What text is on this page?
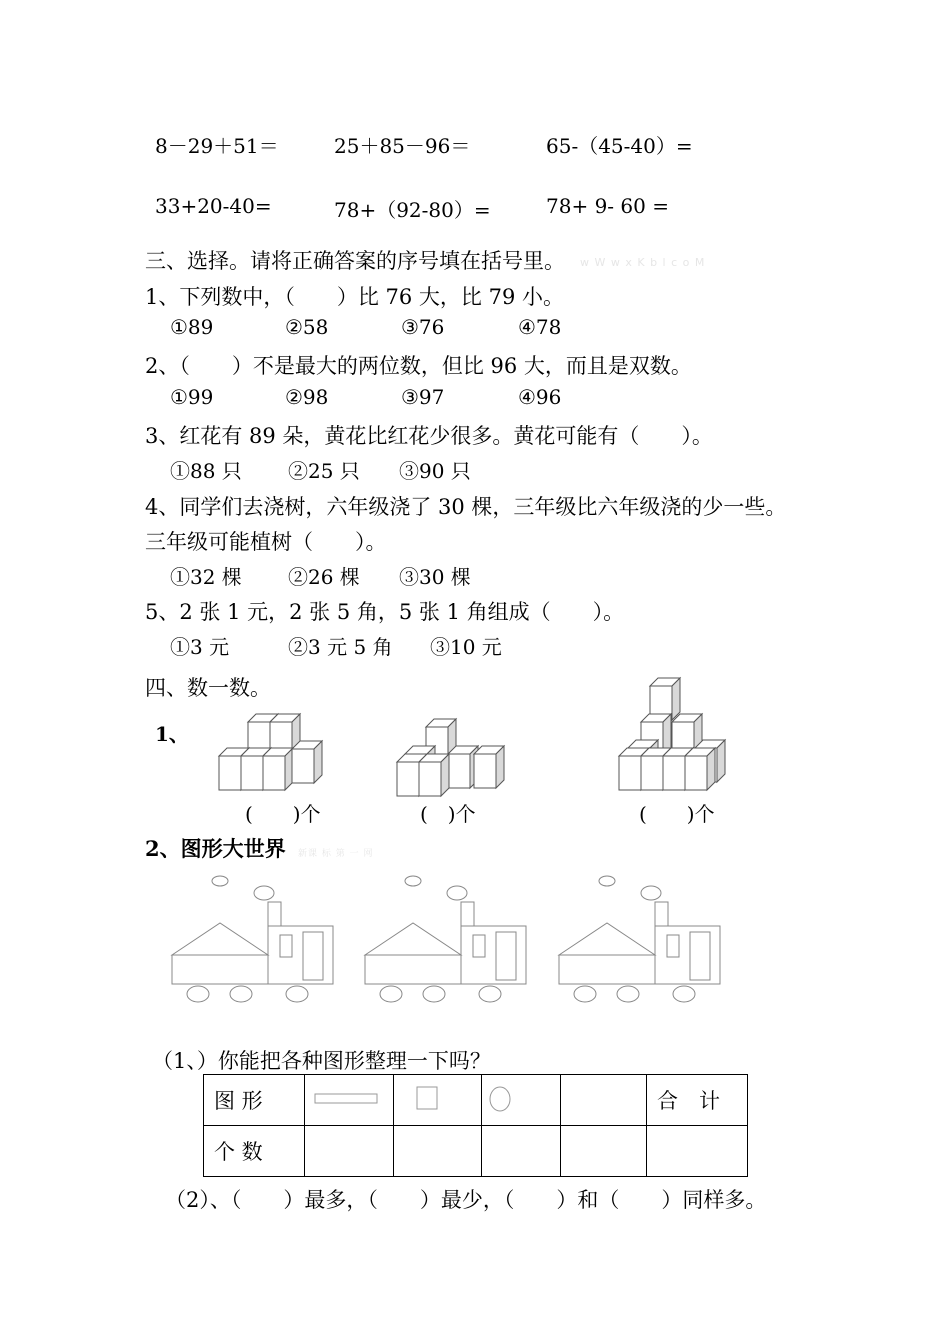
8－29＋51＝	25＋85－96＝	65-（45-40）=
33+20-40=	78+（92-80）=	78+ 9- 60 =
三、选择。请将正确答案的序号填在括号里。 w W w x K b l c o M
1、下列数中，（　　）比 76 大，比 79 小。
①89	②58	③76	④78
2、（　　）不是最大的两位数，但比 96 大，而且是双数。
①99	②98	③97	④96
3、红花有 89 朵，黄花比红花少很多。黄花可能有（　　）。
①88 只 ②25 只 ③90 只
4、同学们去浇树，六年级浇了 30 棵，三年级比六年级浇的少一些。
三年级可能植树（　　）。
①32 棵 ②26 棵 ③30 棵
5、2 张 1 元，2 张 5 角，5 张 1 角组成（　　）。
①3 元	②3 元 5 角 ③10 元
四、数一数。
1、
(　　)个	(　)个	(　　)个
2、图形大世界 新课 标 第 一 网
（1、）你能把各种图形整理一下吗？
图 形					合　计
个 数					
（2）、（　　）最多，（　　）最少，（　　）和（　　）同样多。
